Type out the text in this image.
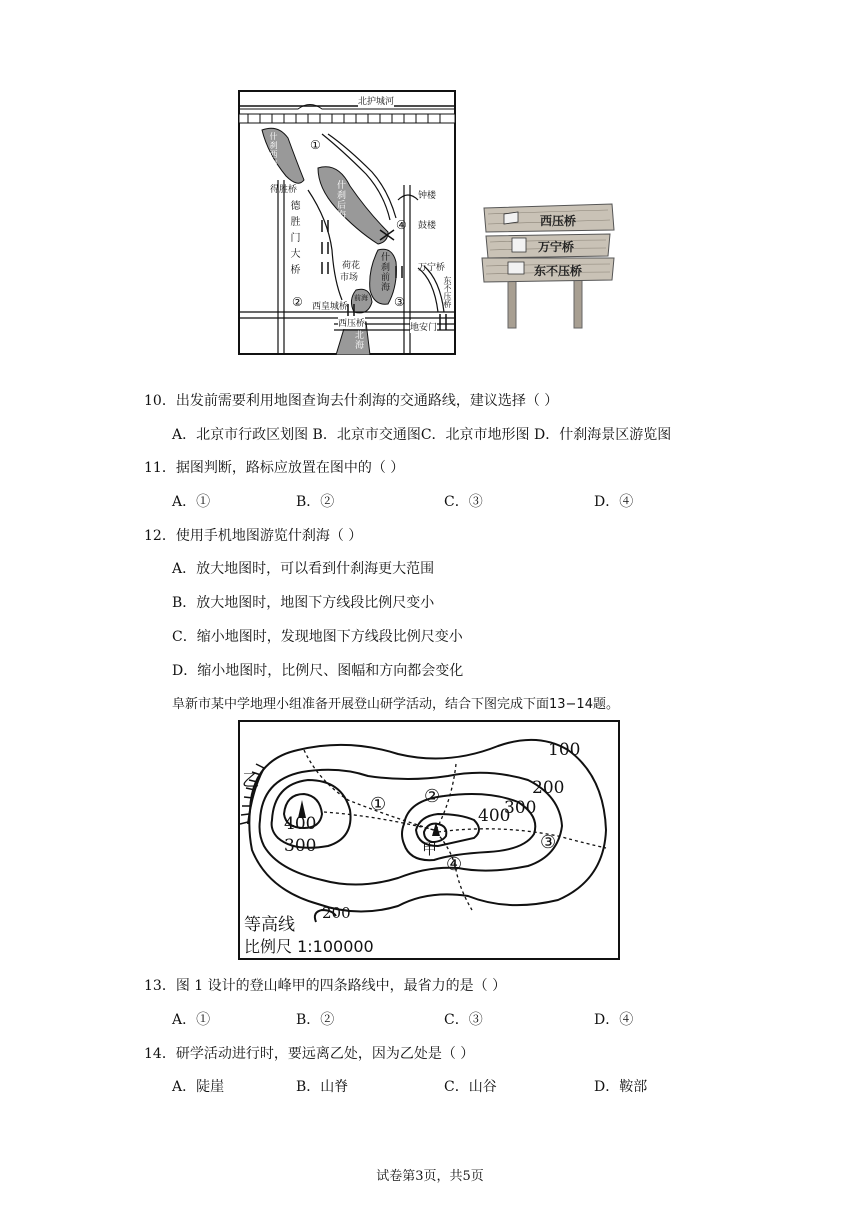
北护城河
什刹西海	①
得胜桥	什刹后海
德胜门大桥
钟楼
④ 鼓楼
荷花
市场 什刹前海	万宁桥
东不压桥
② 西皇城桥
前海 ③
西压桥	地安门
北海
西压桥
万宁桥
东不压桥
10．出发前需要利用地图查询去什刹海的交通路线，建议选择（ ）
A．北京市行政区划图 B．北京市交通图C．北京市地形图 D．什刹海景区游览图
11．据图判断，路标应放置在图中的（ ）
A．①	B．②	C．③	D．④
12．使用手机地图游览什刹海（ ）
A．放大地图时，可以看到什刹海更大范围
B．放大地图时，地图下方线段比例尺变小
C．缩小地图时，发现地图下方线段比例尺变小
D．缩小地图时，比例尺、图幅和方向都会变化
阜新市某中学地理小组准备开展登山研学活动，结合下图完成下面13−14题。
100
200
300
400
400
300
乙
甲
① ②
③
④
等高线
200
比例尺 1:100000
13．图 1 设计的登山峰甲的四条路线中，最省力的是（ ）
A．①	B．②	C．③	D．④
14．研学活动进行时，要远离乙处，因为乙处是（ ）
A．陡崖	B．山脊	C．山谷	D．鞍部
试卷第3页，共5页
